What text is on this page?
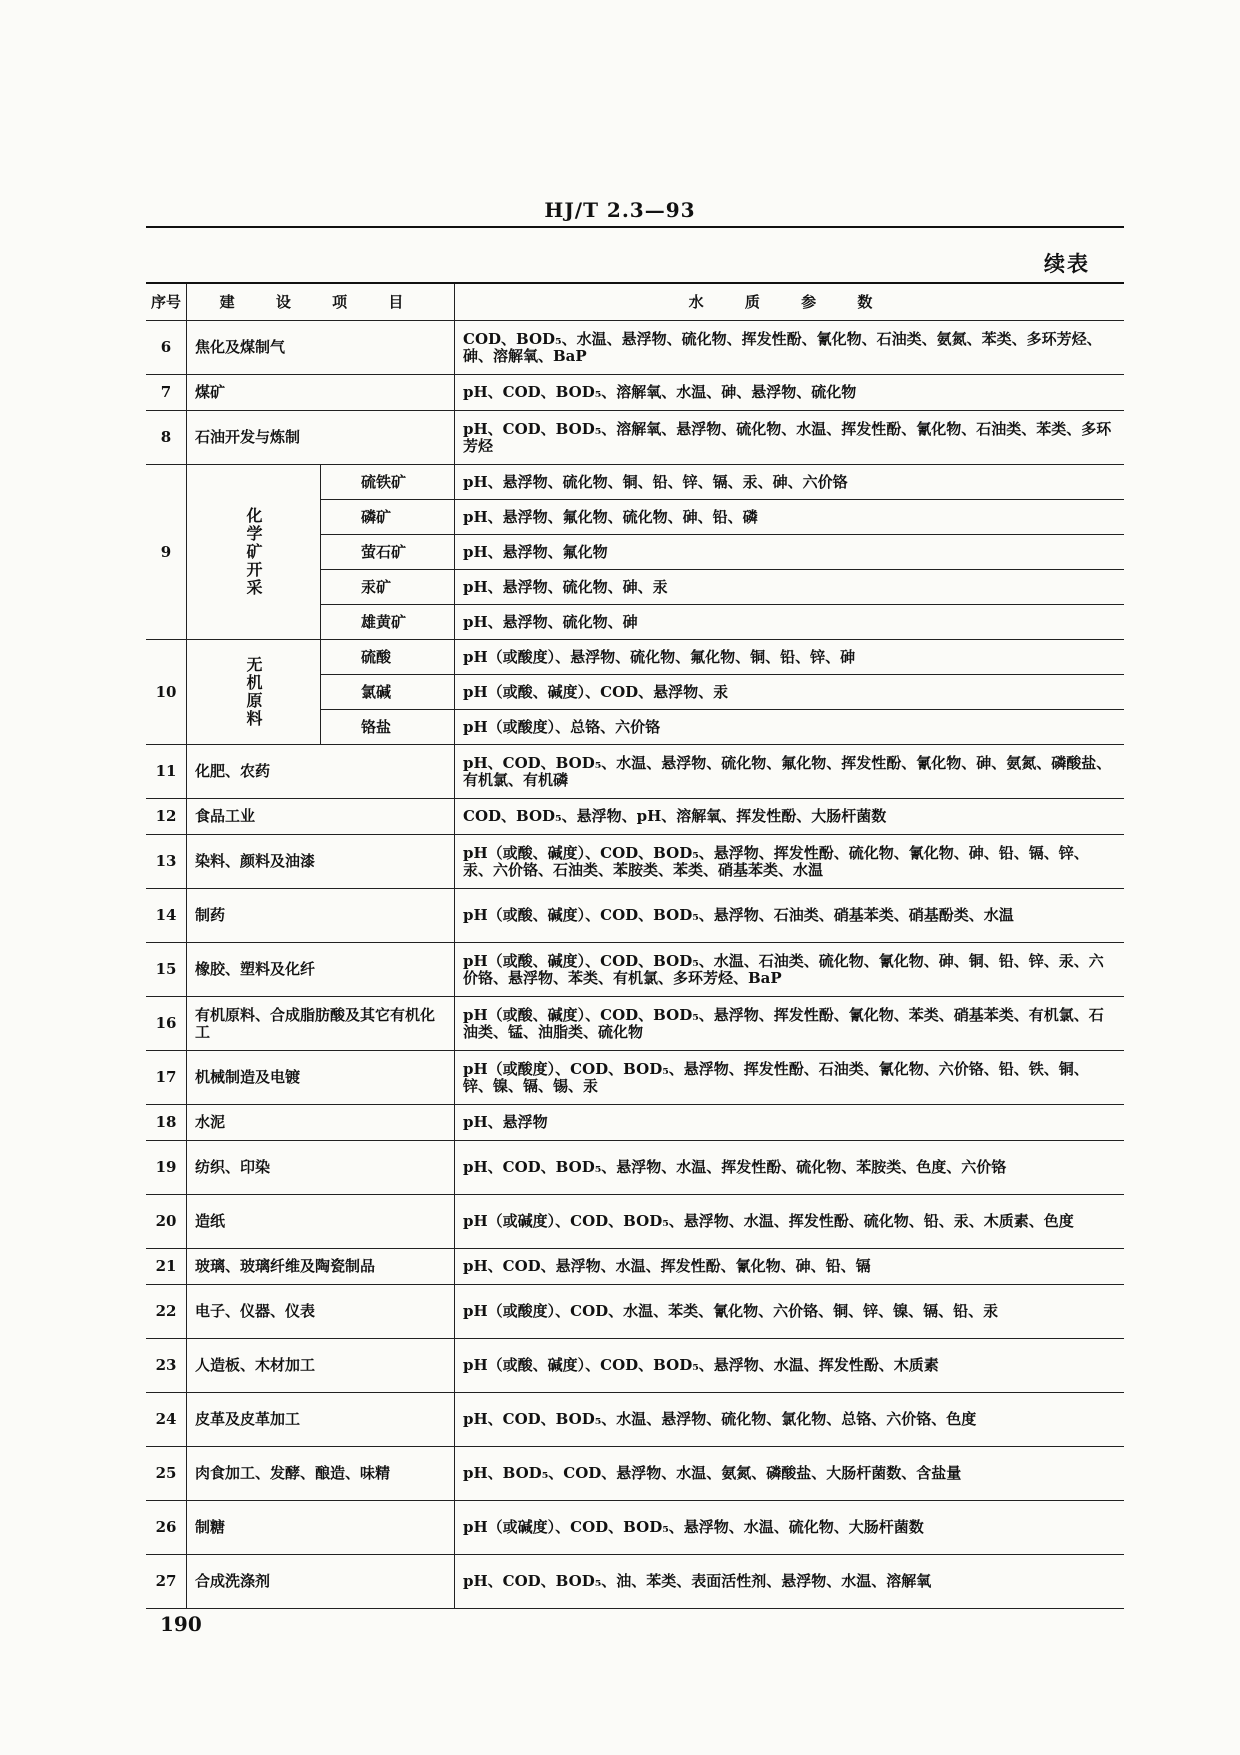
HJ/T 2.3—93
续表
序号	建 设 项 目		水 质 参 数
6	焦化及煤制气		COD、BOD₅、水温、悬浮物、硫化物、挥发性酚、氰化物、石油类、氨氮、苯类、多环芳烃、砷、溶解氧、BaP
7	煤矿		pH、COD、BOD₅、溶解氧、水温、砷、悬浮物、硫化物
8	石油开发与炼制		pH、COD、BOD₅、溶解氧、悬浮物、硫化物、水温、挥发性酚、氰化物、石油类、苯类、多环芳烃
9	化学矿开采	硫铁矿	pH、悬浮物、硫化物、铜、铅、锌、镉、汞、砷、六价铬
		磷矿	pH、悬浮物、氟化物、硫化物、砷、铅、磷
		萤石矿	pH、悬浮物、氟化物
		汞矿	pH、悬浮物、硫化物、砷、汞
		雄黄矿	pH、悬浮物、硫化物、砷
10	无机原料	硫酸	pH（或酸度）、悬浮物、硫化物、氟化物、铜、铅、锌、砷
		氯碱	pH（或酸、碱度）、COD、悬浮物、汞
		铬盐	pH（或酸度）、总铬、六价铬
11	化肥、农药		pH、COD、BOD₅、水温、悬浮物、硫化物、氟化物、挥发性酚、氰化物、砷、氨氮、磷酸盐、有机氯、有机磷
12	食品工业		COD、BOD₅、悬浮物、pH、溶解氧、挥发性酚、大肠杆菌数
13	染料、颜料及油漆		pH（或酸、碱度）、COD、BOD₅、悬浮物、挥发性酚、硫化物、氰化物、砷、铅、镉、锌、汞、六价铬、石油类、苯胺类、苯类、硝基苯类、水温
14	制药		pH（或酸、碱度）、COD、BOD₅、悬浮物、石油类、硝基苯类、硝基酚类、水温
15	橡胶、塑料及化纤		pH（或酸、碱度）、COD、BOD₅、水温、石油类、硫化物、氰化物、砷、铜、铅、锌、汞、六价铬、悬浮物、苯类、有机氯、多环芳烃、BaP
16	有机原料、合成脂肪酸及其它有机化工		pH（或酸、碱度）、COD、BOD₅、悬浮物、挥发性酚、氰化物、苯类、硝基苯类、有机氯、石油类、锰、油脂类、硫化物
17	机械制造及电镀		pH（或酸度）、COD、BOD₅、悬浮物、挥发性酚、石油类、氰化物、六价铬、铅、铁、铜、锌、镍、镉、锡、汞
18	水泥		pH、悬浮物
19	纺织、印染		pH、COD、BOD₅、悬浮物、水温、挥发性酚、硫化物、苯胺类、色度、六价铬
20	造纸		pH（或碱度）、COD、BOD₅、悬浮物、水温、挥发性酚、硫化物、铅、汞、木质素、色度
21	玻璃、玻璃纤维及陶瓷制品		pH、COD、悬浮物、水温、挥发性酚、氰化物、砷、铅、镉
22	电子、仪器、仪表		pH（或酸度）、COD、水温、苯类、氰化物、六价铬、铜、锌、镍、镉、铅、汞
23	人造板、木材加工		pH（或酸、碱度）、COD、BOD₅、悬浮物、水温、挥发性酚、木质素
24	皮革及皮革加工		pH、COD、BOD₅、水温、悬浮物、硫化物、氯化物、总铬、六价铬、色度
25	肉食加工、发酵、酿造、味精		pH、BOD₅、COD、悬浮物、水温、氨氮、磷酸盐、大肠杆菌数、含盐量
26	制糖		pH（或碱度）、COD、BOD₅、悬浮物、水温、硫化物、大肠杆菌数
27	合成洗涤剂		pH、COD、BOD₅、油、苯类、表面活性剂、悬浮物、水温、溶解氧
190
